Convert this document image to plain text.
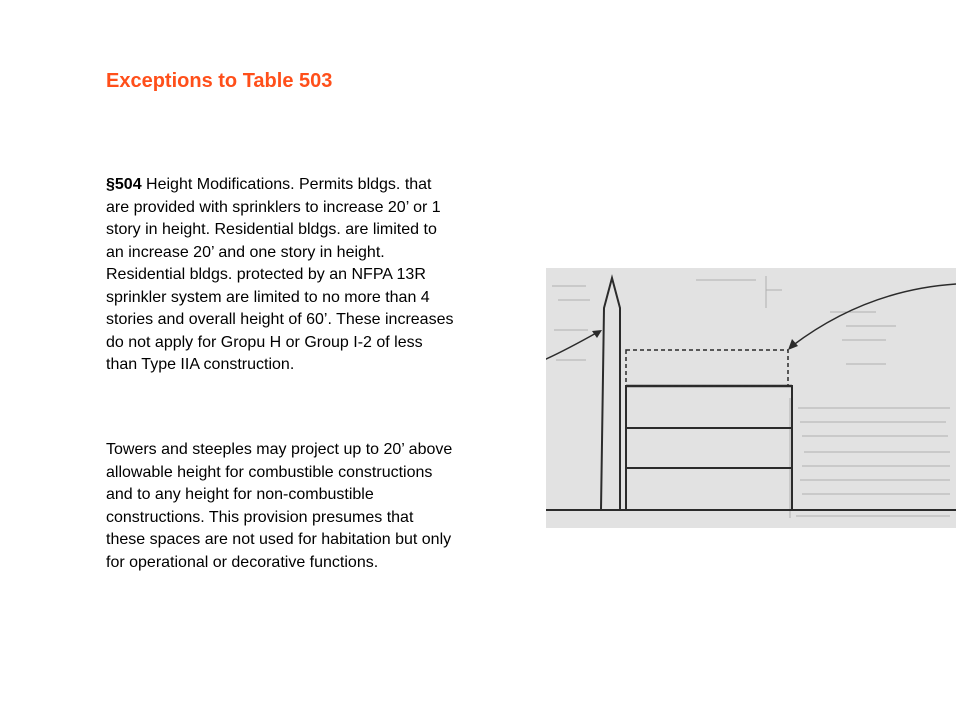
Exceptions to Table 503

§504 Height Modifications. Permits bldgs. that
are provided with sprinklers to increase 20’ or 1
story in height. Residential bldgs. are limited to
an increase 20’ and one story in height.
Residential bldgs. protected by an NFPA 13R
sprinkler system are limited to no more than 4
stories and overall height of 60’. These increases
do not apply for Gropu H or Group I-2 of less
than Type IIA construction.

Towers and steeples may project up to 20’ above
allowable height for combustible constructions
and to any height for non-combustible
constructions. This provision presumes that
these spaces are not used for habitation but only
for operational or decorative functions.
